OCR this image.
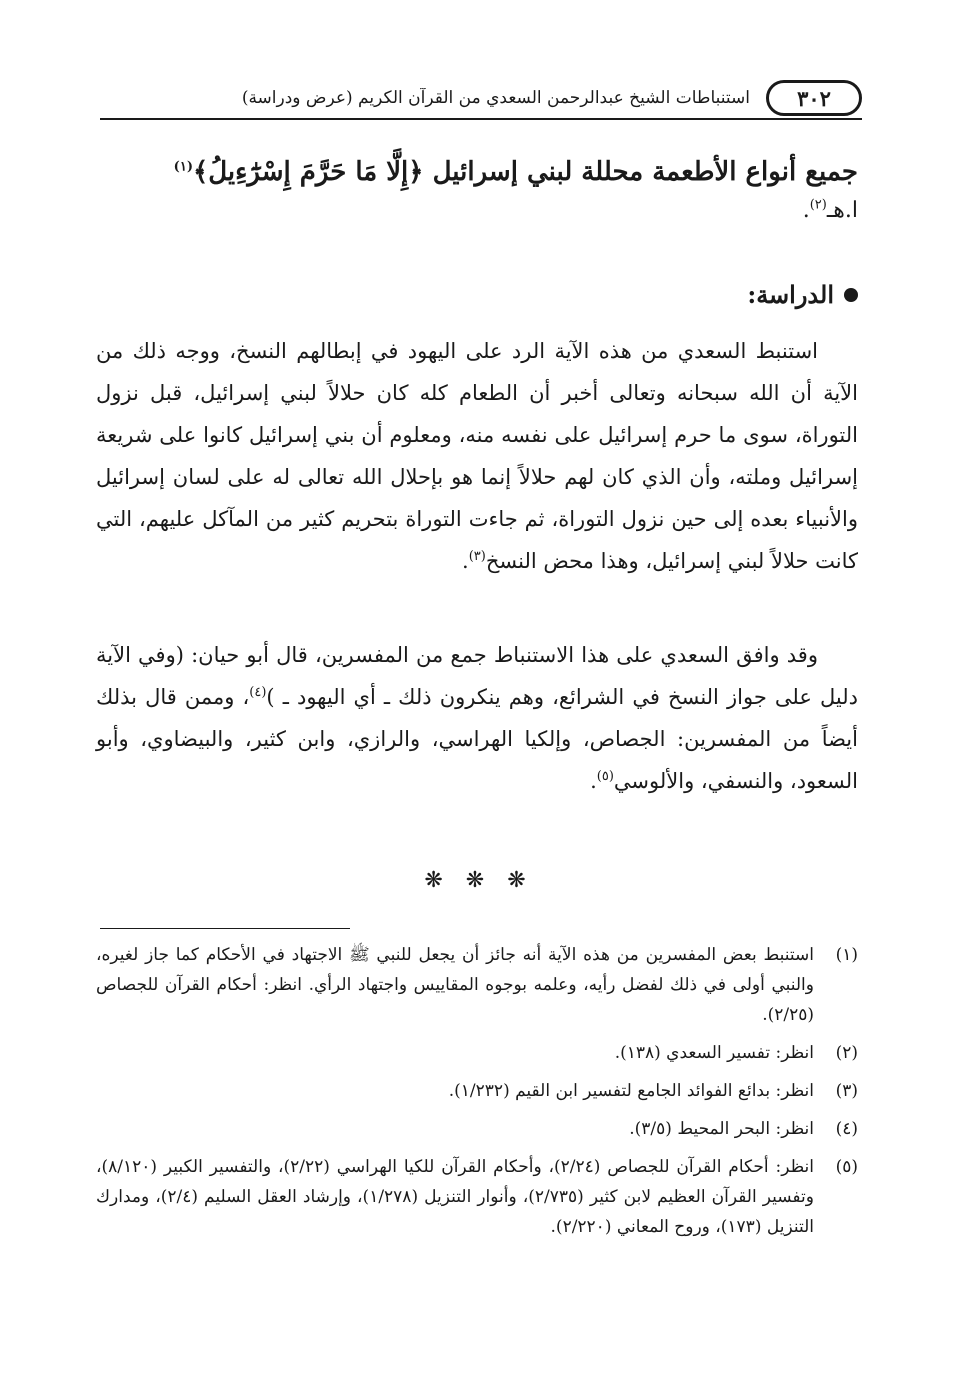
٣٠٢
استنباطات الشيخ عبدالرحمن السعدي من القرآن الكريم (عرض ودراسة)
جميع أنواع الأطعمة محللة لبني إسرائيل ﴿إِلَّا مَا حَرَّمَ إِسْرَٰٓءِيلُ﴾$^{(١)}$
ا.هـ$^{(٢)}$.
الدراسة:
استنبط السعدي من هذه الآية الرد على اليهود في إبطالهم النسخ، ووجه ذلك من الآية أن الله سبحانه وتعالى أخبر أن الطعام كله كان حلالاً لبني إسرائيل، قبل نزول التوراة، سوى ما حرم إسرائيل على نفسه منه، ومعلوم أن بني إسرائيل كانوا على شريعة إسرائيل وملته، وأن الذي كان لهم حلالاً إنما هو بإحلال الله تعالى له على لسان إسرائيل والأنبياء بعده إلى حين نزول التوراة، ثم جاءت التوراة بتحريم كثير من المآكل عليهم، التي كانت حلالاً لبني إسرائيل، وهذا محض النسخ$^{(٣)}$.
وقد وافق السعدي على هذا الاستنباط جمع من المفسرين، قال أبو حيان: (وفي الآية دليل على جواز النسخ في الشرائع، وهم ينكرون ذلك ـ أي اليهود ـ )$^{(٤)}$، وممن قال بذلك أيضاً من المفسرين: الجصاص، وإلكيا الهراسي، والرازي، وابن كثير، والبيضاوي، وأبو السعود، والنسفي، والألوسي$^{(٥)}$.
❋ ❋ ❋
(١)
استنبط بعض المفسرين من هذه الآية أنه جائز أن يجعل للنبي ﷺ الاجتهاد في الأحكام كما جاز لغيره، والنبي أولى في ذلك لفضل رأيه، وعلمه بوجوه المقاييس واجتهاد الرأي. انظر: أحكام القرآن للجصاص (٢/٢٥).
(٢)
انظر: تفسير السعدي (١٣٨).
(٣)
انظر: بدائع الفوائد الجامع لتفسير ابن القيم (١/٢٣٢).
(٤)
انظر: البحر المحيط (٣/٥).
(٥)
انظر: أحكام القرآن للجصاص (٢/٢٤)، وأحكام القرآن للكيا الهراسي (٢/٢٢)، والتفسير الكبير (٨/١٢٠)، وتفسير القرآن العظيم لابن كثير (٢/٧٣٥)، وأنوار التنزيل (١/٢٧٨)، وإرشاد العقل السليم (٢/٤)، ومدارك التنزيل (١٧٣)، وروح المعاني (٢/٢٢٠).
